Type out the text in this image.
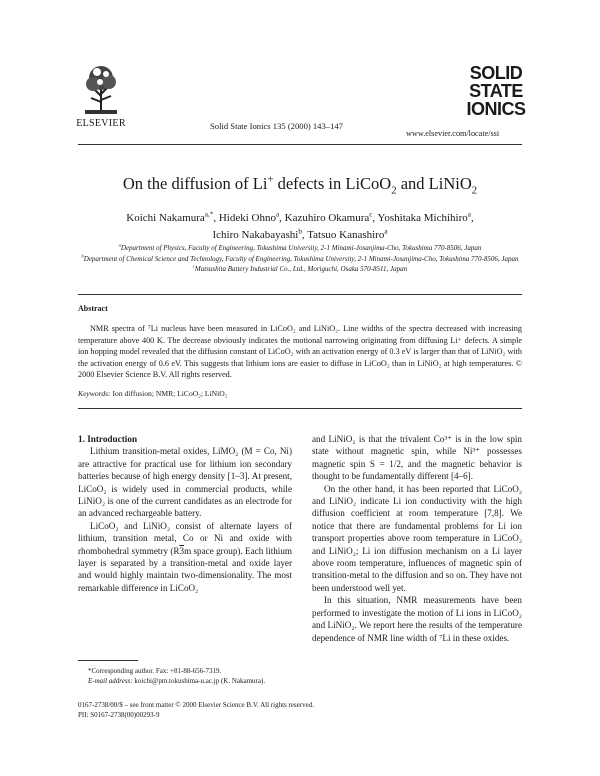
ELSEVIER	Solid State Ionics 135 (2000) 143–147
SOLID
STATE
IONICS
www.elsevier.com/locate/ssi
On the diffusion of Li+ defects in LiCoO$_2$ and LiNiO$_2$
Koichi Nakamura$^{a,*}$, Hideki Ohno$^a$, Kazuhiro Okamura$^c$, Yoshitaka Michihiro$^a$,
Ichiro Nakabayashi$^b$, Tatsuo Kanashiro$^a$
$^a$Department of Physics, Faculty of Engineering, Tokushima University, 2-1 Minami-Josanjima-Cho, Tokushima 770-8506, Japan
$^b$Department of Chemical Science and Technology, Faculty of Engineering, Tokushima University, 2-1 Minami-Josanjima-Cho, Tokushima 770-8506, Japan
$^c$Matsushita Battery Industrial Co., Ltd., Moriguchi, Osaka 570-8511, Japan
Abstract
NMR spectra of ⁷Li nucleus have been measured in LiCoO₂ and LiNiO₂. Line widths of the spectra decreased with increasing temperature above 400 K. The decrease obviously indicates the motional narrowing originating from diffusing Li⁺ defects. A simple ion hopping model revealed that the diffusion constant of LiCoO₂ with an activation energy of 0.3 eV is larger than that of LiNiO₂ with the activation energy of 0.6 eV. This suggests that lithium ions are easier to diffuse in LiCoO₂ than in LiNiO₂ at high temperatures. © 2000 Elsevier Science B.V. All rights reserved.
Keywords: Ion diffusion; NMR; LiCoO₂; LiNiO₂

1. Introduction

Lithium transition-metal oxides, LiMO₂ (M = Co, Ni) are attractive for practical use for lithium ion secondary batteries because of high energy density [1–3]. At present, LiCoO₂ is widely used in commercial products, while LiNiO₂ is one of the current candidates as an electrode for an advanced rechargeable battery.

LiCoO₂ and LiNiO₂ consist of alternate layers of lithium, transition metal, Co or Ni and oxide with rhombohedral symmetry (R3m space group). Each lithium layer is separated by a transition-metal and oxide layer and would highly maintain two-dimensionality. The most remarkable difference in LiCoO₂

and LiNiO₂ is that the trivalent Co³⁺ is in the low spin state without magnetic spin, while Ni³⁺ possesses magnetic spin S = 1/2, and the magnetic behavior is thought to be fundamentally different [4–6].

On the other hand, it has been reported that LiCoO₂ and LiNiO₂ indicate Li ion conductivity with the high diffusion coefficient at room temperature [7,8]. We notice that there are fundamental problems for Li ion transport properties above room temperature in LiCoO₂ and LiNiO₂; Li ion diffusion mechanism on a Li layer above room temperature, influences of magnetic spin of transition-metal to the diffusion and so on. They have not been understood well yet.

In this situation, NMR measurements have been performed to investigate the motion of Li ions in LiCoO₂ and LiNiO₂. We report here the results of the temperature dependence of NMR line width of ⁷Li in these oxides.

*Corresponding author. Fax: +81-88-656-7319.
E-mail address: koichi@pm.tokushima-u.ac.jp (K. Nakamura).
0167-2738/00/$ – see front matter © 2000 Elsevier Science B.V. All rights reserved.
PII: S0167-2738(00)00293-9
